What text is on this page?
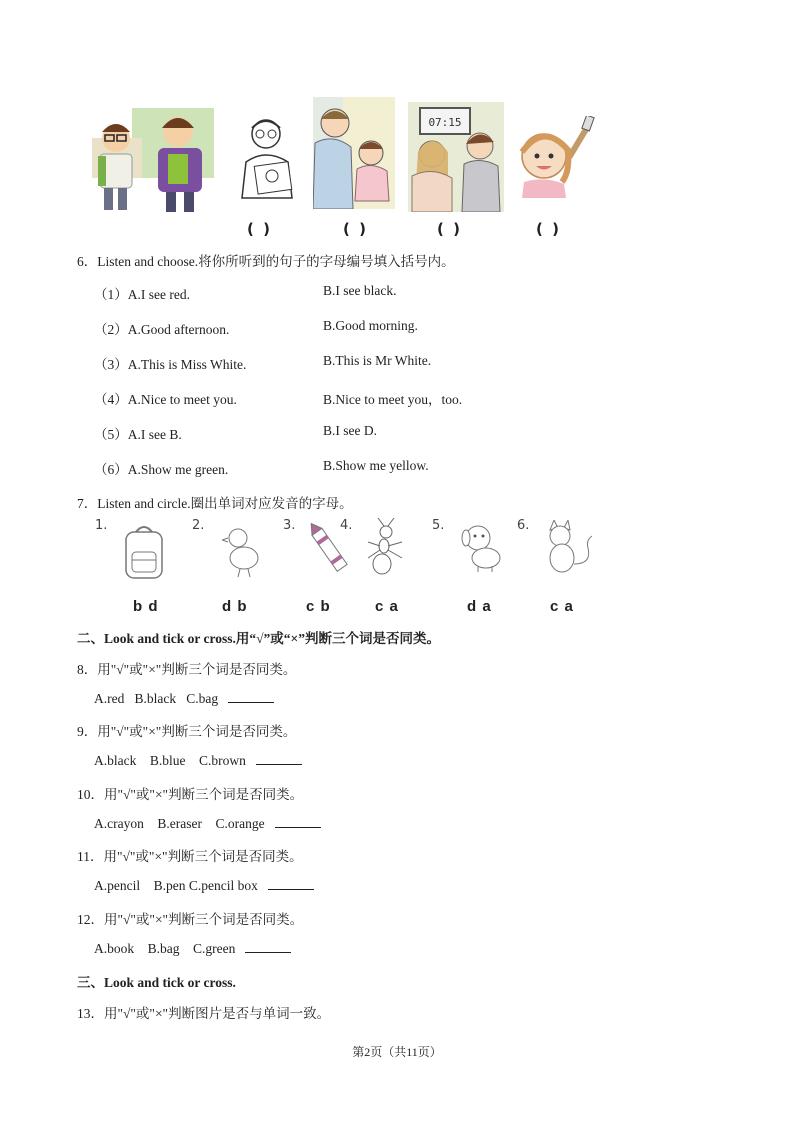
07:15
( )	( )	( )	( )
6．Listen and choose.将你所听到的句子的字母编号填入括号内。
（1）A.I see red.	B.I see black.
（2）A.Good afternoon.	B.Good morning.
（3）A.This is Miss White.	B.This is Mr White.
（4）A.Nice to meet you.	B.Nice to meet you，too.
（5）A.I see B.	B.I see D.
（6）A.Show me green.	B.Show me yellow.
7．Listen and circle.圈出单词对应发音的字母。
1.	2.	3.	4.	5.	6.
b d	d b	c b	c a	d a	c a
二、Look and tick or cross.用“√”或“×”判断三个词是否同类。
8．用"√"或"×"判断三个词是否同类。
A.red   B.black   C.bag
9．用"√"或"×"判断三个词是否同类。
A.black    B.blue    C.brown
10．用"√"或"×"判断三个词是否同类。
A.crayon    B.eraser    C.orange
11．用"√"或"×"判断三个词是否同类。
A.pencil    B.pen C.pencil box
12．用"√"或"×"判断三个词是否同类。
A.book    B.bag    C.green
三、Look and tick or cross.
13．用"√"或"×"判断图片是否与单词一致。
第2页（共11页）
